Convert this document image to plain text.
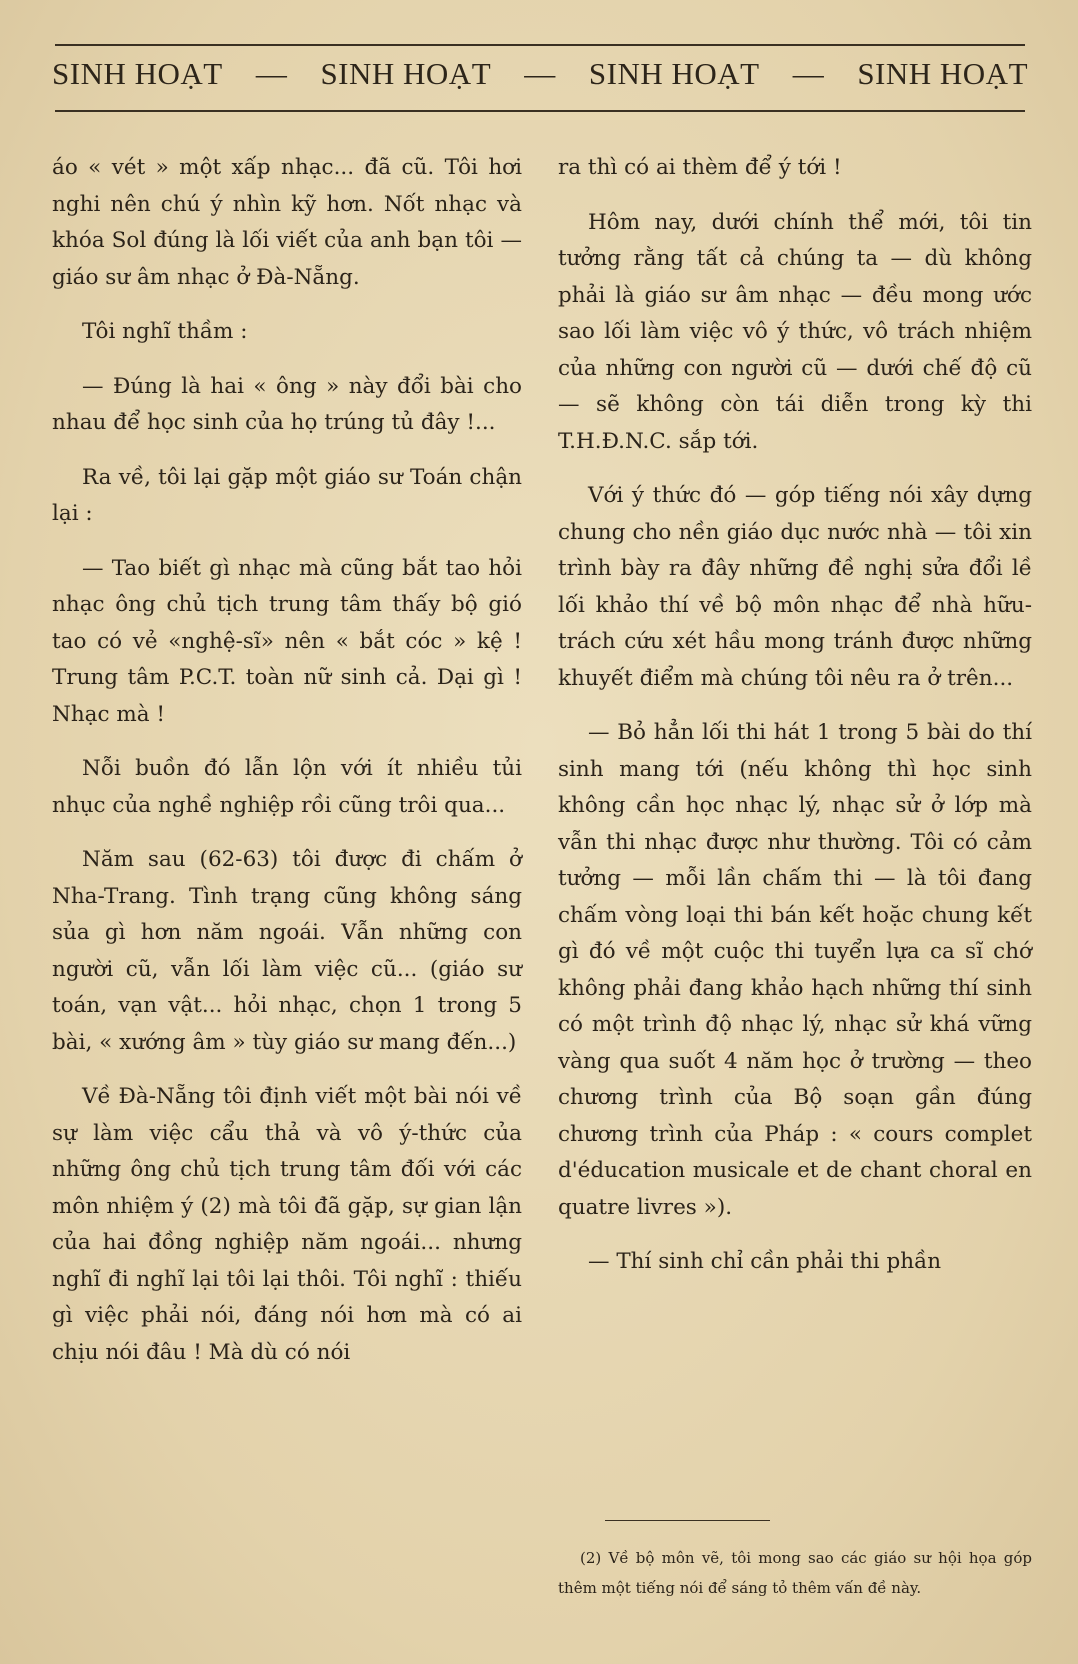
SINH HOẠT — SINH HOẠT — SINH HOẠT — SINH HOẠT

áo « vét » một xấp nhạc... đã cũ. Tôi hơi nghi nên chú ý nhìn kỹ hơn. Nốt nhạc và khóa Sol đúng là lối viết của anh bạn tôi — giáo sư âm nhạc ở Đà-Nẵng.

Tôi nghĩ thầm :

— Đúng là hai « ông » này đổi bài cho nhau để học sinh của họ trúng tủ đây !...

Ra về, tôi lại gặp một giáo sư Toán chận lại :

— Tao biết gì nhạc mà cũng bắt tao hỏi nhạc ông chủ tịch trung tâm thấy bộ gió tao có vẻ «nghệ-sĩ» nên « bắt cóc » kệ ! Trung tâm P.C.T. toàn nữ sinh cả. Dại gì ! Nhạc mà !

Nỗi buồn đó lẫn lộn với ít nhiều tủi nhục của nghề nghiệp rồi cũng trôi qua...

Năm sau (62-63) tôi được đi chấm ở Nha-Trang. Tình trạng cũng không sáng sủa gì hơn năm ngoái. Vẫn những con người cũ, vẫn lối làm việc cũ... (giáo sư toán, vạn vật... hỏi nhạc, chọn 1 trong 5 bài, « xướng âm » tùy giáo sư mang đến...)

Về Đà-Nẵng tôi định viết một bài nói về sự làm việc cẩu thả và vô ý-thức của những ông chủ tịch trung tâm đối với các môn nhiệm ý (2) mà tôi đã gặp, sự gian lận của hai đồng nghiệp năm ngoái... nhưng nghĩ đi nghĩ lại tôi lại thôi. Tôi nghĩ : thiếu gì việc phải nói, đáng nói hơn mà có ai chịu nói đâu ! Mà dù có nói

ra thì có ai thèm để ý tới !

Hôm nay, dưới chính thể mới, tôi tin tưởng rằng tất cả chúng ta — dù không phải là giáo sư âm nhạc — đều mong ước sao lối làm việc vô ý thức, vô trách nhiệm của những con người cũ — dưới chế độ cũ — sẽ không còn tái diễn trong kỳ thi T.H.Đ.N.C. sắp tới.

Với ý thức đó — góp tiếng nói xây dựng chung cho nền giáo dục nước nhà — tôi xin trình bày ra đây những đề nghị sửa đổi lề lối khảo thí về bộ môn nhạc để nhà hữu-trách cứu xét hầu mong tránh được những khuyết điểm mà chúng tôi nêu ra ở trên...

— Bỏ hẳn lối thi hát 1 trong 5 bài do thí sinh mang tới (nếu không thì học sinh không cần học nhạc lý, nhạc sử ở lớp mà vẫn thi nhạc được như thường. Tôi có cảm tưởng — mỗi lần chấm thi — là tôi đang chấm vòng loại thi bán kết hoặc chung kết gì đó về một cuộc thi tuyển lựa ca sĩ chớ không phải đang khảo hạch những thí sinh có một trình độ nhạc lý, nhạc sử khá vững vàng qua suốt 4 năm học ở trường — theo chương trình của Bộ soạn gần đúng chương trình của Pháp : « cours complet d'éducation musicale et de chant choral en quatre livres »).

— Thí sinh chỉ cần phải thi phần

(2) Về bộ môn vẽ, tôi mong sao các giáo sư hội họa góp thêm một tiếng nói để sáng tỏ thêm vấn đề này.
